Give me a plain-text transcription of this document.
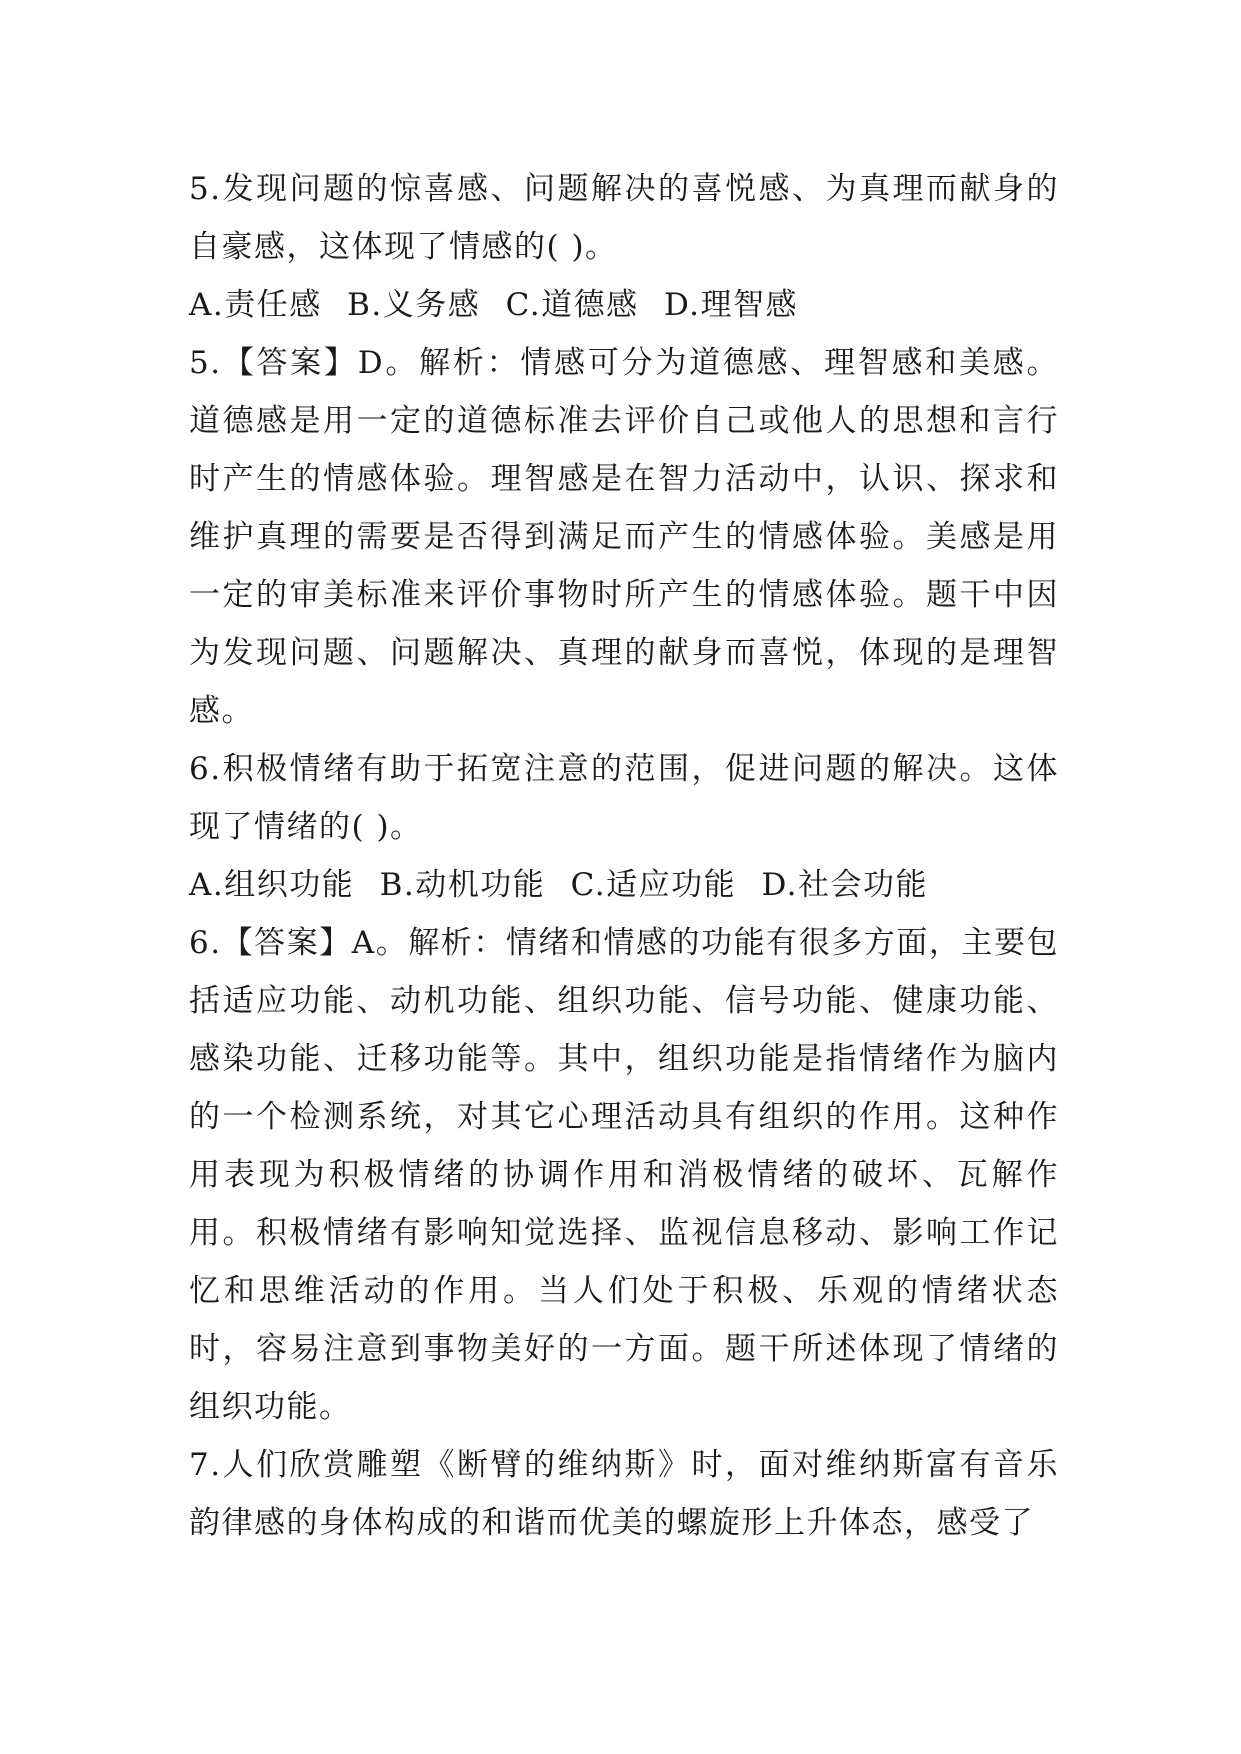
5.发现问题的惊喜感、问题解决的喜悦感、为真理而献身的自豪感，这体现了情感的( )。

A.责任感 B.义务感 C.道德感 D.理智感

5.【答案】D。解析：情感可分为道德感、理智感和美感。道德感是用一定的道德标准去评价自己或他人的思想和言行时产生的情感体验。理智感是在智力活动中，认识、探求和维护真理的需要是否得到满足而产生的情感体验。美感是用一定的审美标准来评价事物时所产生的情感体验。题干中因为发现问题、问题解决、真理的献身而喜悦，体现的是理智感。

6.积极情绪有助于拓宽注意的范围，促进问题的解决。这体现了情绪的( )。

A.组织功能 B.动机功能 C.适应功能 D.社会功能

6.【答案】A。解析：情绪和情感的功能有很多方面，主要包括适应功能、动机功能、组织功能、信号功能、健康功能、感染功能、迁移功能等。其中，组织功能是指情绪作为脑内的一个检测系统，对其它心理活动具有组织的作用。这种作用表现为积极情绪的协调作用和消极情绪的破坏、瓦解作用。积极情绪有影响知觉选择、监视信息移动、影响工作记忆和思维活动的作用。当人们处于积极、乐观的情绪状态时，容易注意到事物美好的一方面。题干所述体现了情绪的组织功能。

7.人们欣赏雕塑《断臂的维纳斯》时，面对维纳斯富有音乐韵律感的身体构成的和谐而优美的螺旋形上升体态，感受了
